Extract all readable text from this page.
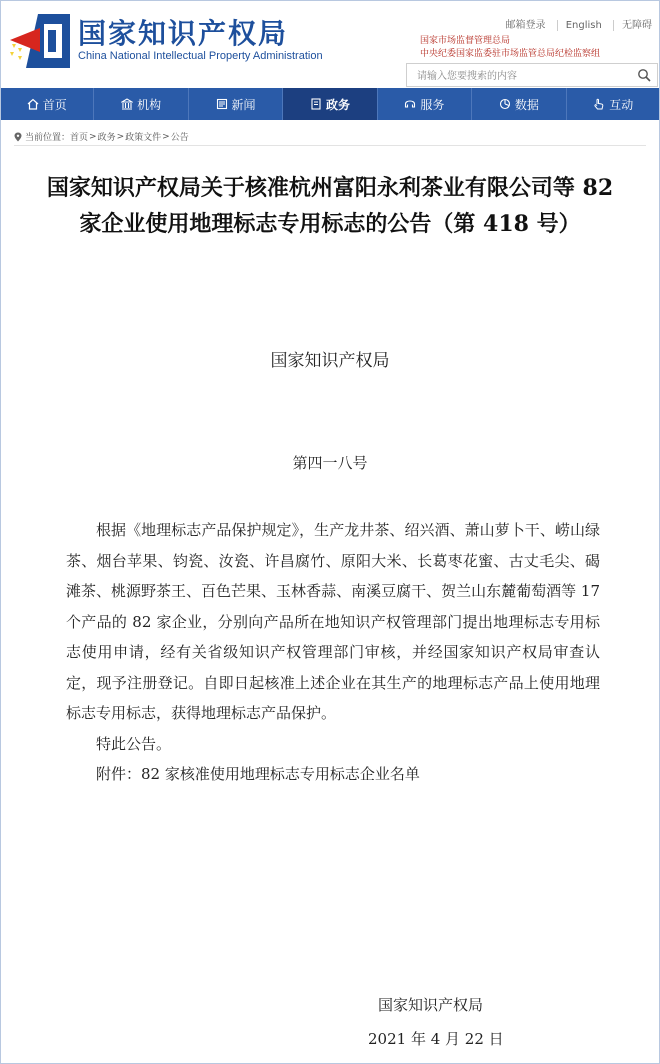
国家知识产权局
China National Intellectual Property Administration
邮箱登录 English 无障碍
国家市场监督管理总局
中央纪委国家监委驻市场监管总局纪检监察组
请输入您要搜索的内容
首页	机构	新闻	政务	服务	数据	互动
当前位置： 首页 > 政务 > 政策文件 > 公告
国家知识产权局关于核准杭州富阳永利茶业有限公司等 82 家企业使用地理标志专用标志的公告（第 418 号）
国家知识产权局
第四一八号

根据《地理标志产品保护规定》，生产龙井茶、绍兴酒、萧山萝卜干、崂山绿茶、烟台苹果、钧瓷、汝瓷、许昌腐竹、原阳大米、长葛枣花蜜、古丈毛尖、碣滩茶、桃源野茶王、百色芒果、玉林香蒜、南溪豆腐干、贺兰山东麓葡萄酒等 17 个产品的 82 家企业，分别向产品所在地知识产权管理部门提出地理标志专用标志使用申请，经有关省级知识产权管理部门审核，并经国家知识产权局审查认定，现予注册登记。自即日起核准上述企业在其生产的地理标志产品上使用地理标志专用标志，获得地理标志产品保护。

特此公告。

附件：82 家核准使用地理标志专用标志企业名单

国家知识产权局
2021 年 4 月 22 日
